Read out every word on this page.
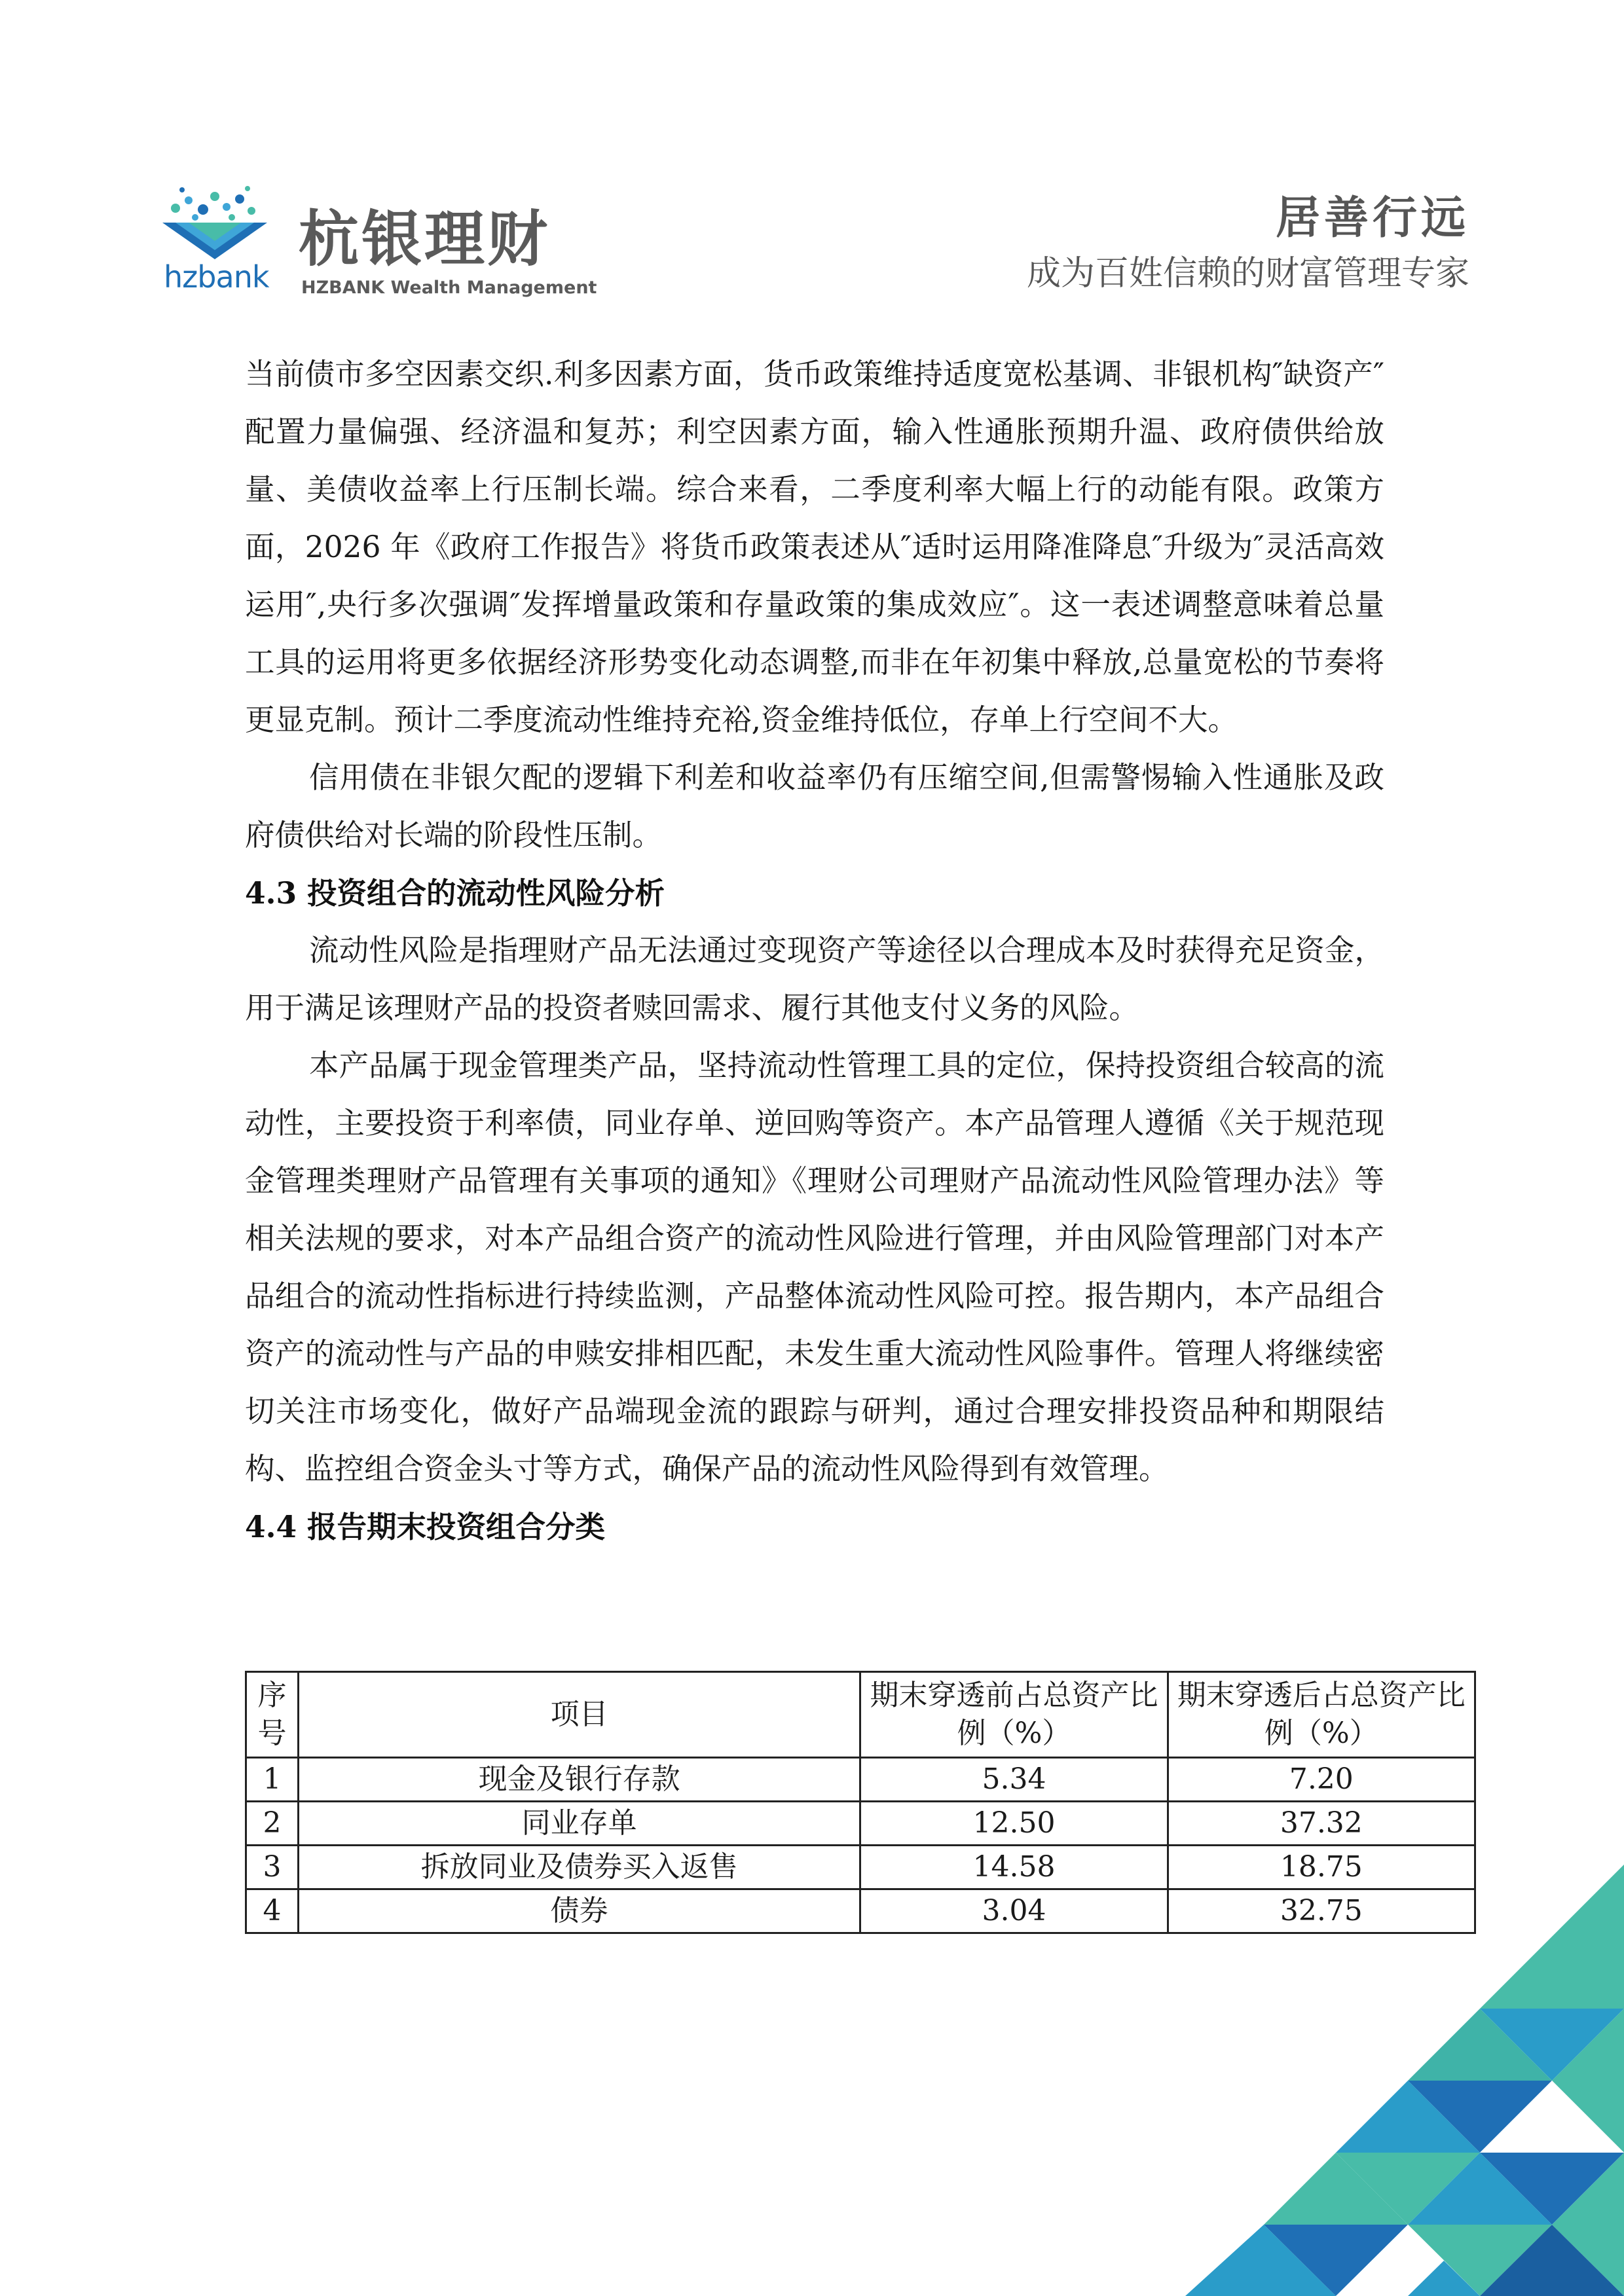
hzbank
杭银理财
HZBANK Wealth Management
居善行远
成为百姓信赖的财富管理专家

当前债市多空因素交织.利多因素方面，货币政策维持适度宽松基调、非银机构″缺资产″配置力量偏强、经济温和复苏；利空因素方面，输入性通胀预期升温、政府债供给放量、美债收益率上行压制长端。综合来看，二季度利率大幅上行的动能有限。政策方面，2026 年《政府工作报告》将货币政策表述从″适时运用降准降息″升级为″灵活高效运用″,央行多次强调″发挥增量政策和存量政策的集成效应″。这一表述调整意味着总量工具的运用将更多依据经济形势变化动态调整,而非在年初集中释放,总量宽松的节奏将更显克制。预计二季度流动性维持充裕,资金维持低位，存单上行空间不大。

信用债在非银欠配的逻辑下利差和收益率仍有压缩空间,但需警惕输入性通胀及政府债供给对长端的阶段性压制。

4.3 投资组合的流动性风险分析

流动性风险是指理财产品无法通过变现资产等途径以合理成本及时获得充足资金，用于满足该理财产品的投资者赎回需求、履行其他支付义务的风险。

本产品属于现金管理类产品，坚持流动性管理工具的定位，保持投资组合较高的流动性，主要投资于利率债，同业存单、逆回购等资产。本产品管理人遵循《关于规范现金管理类理财产品管理有关事项的通知》《理财公司理财产品流动性风险管理办法》等相关法规的要求，对本产品组合资产的流动性风险进行管理，并由风险管理部门对本产品组合的流动性指标进行持续监测，产品整体流动性风险可控。报告期内，本产品组合资产的流动性与产品的申赎安排相匹配，未发生重大流动性风险事件。管理人将继续密切关注市场变化，做好产品端现金流的跟踪与研判，通过合理安排投资品种和期限结构、监控组合资金头寸等方式，确保产品的流动性风险得到有效管理。

4.4 报告期末投资组合分类

序号	项目	期末穿透前占总资产比例（%）	期末穿透后占总资产比例（%）
1	现金及银行存款	5.34	7.20
2	同业存单	12.50	37.32
3	拆放同业及债券买入返售	14.58	18.75
4	债券	3.04	32.75
